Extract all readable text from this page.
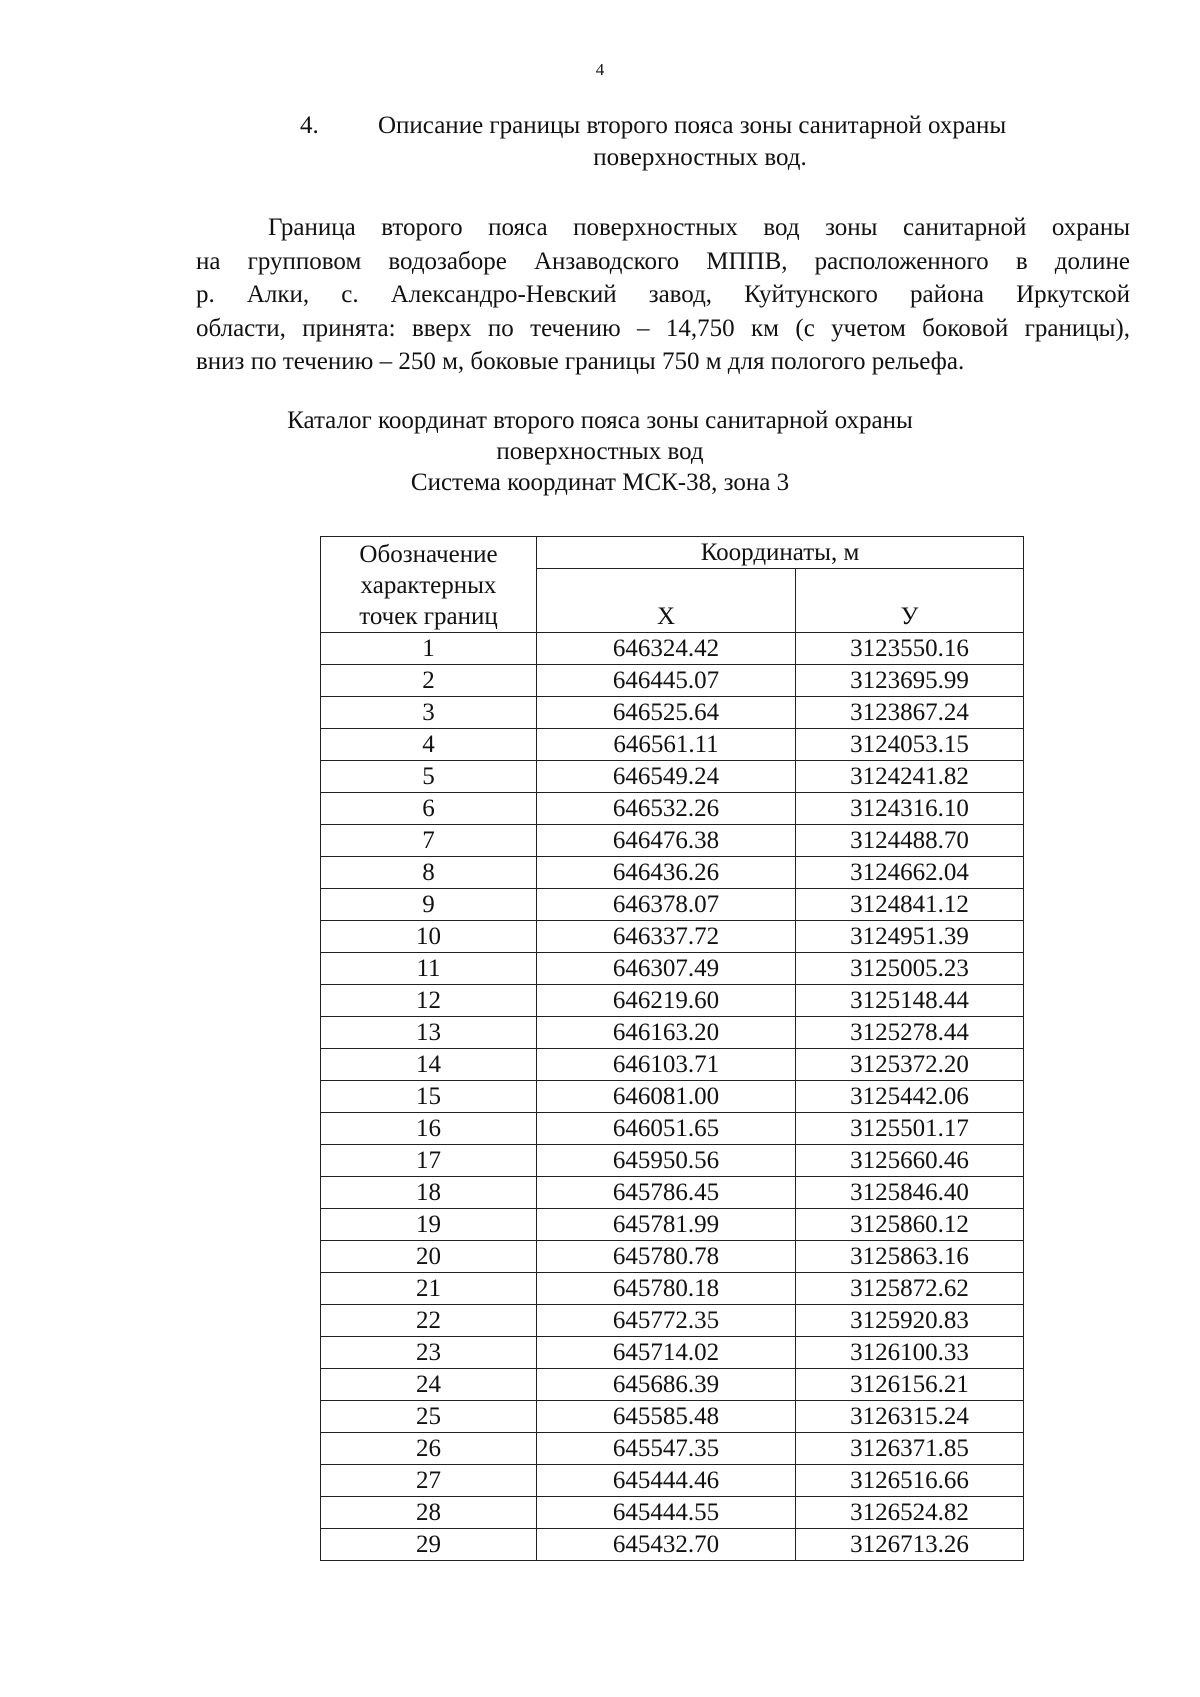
4
4. Описание границы второго пояса зоны санитарной охраны
поверхностных вод.
Граница второго пояса поверхностных вод зоны санитарной охраны
на групповом водозаборе Анзаводского МППВ, расположенного в долине
р. Алки, с. Александро-Невский завод, Куйтунского района Иркутской
области, принята: вверх по течению – 14,750 км (с учетом боковой границы),
вниз по течению – 250 м, боковые границы 750 м для пологого рельефа.
Каталог координат второго пояса зоны санитарной охраны
поверхностных вод
Система координат МСК-38, зона 3
Обозначение
характерных
точек границ	Координаты, м	
	Х	У
1	646324.42	3123550.16
2	646445.07	3123695.99
3	646525.64	3123867.24
4	646561.11	3124053.15
5	646549.24	3124241.82
6	646532.26	3124316.10
7	646476.38	3124488.70
8	646436.26	3124662.04
9	646378.07	3124841.12
10	646337.72	3124951.39
11	646307.49	3125005.23
12	646219.60	3125148.44
13	646163.20	3125278.44
14	646103.71	3125372.20
15	646081.00	3125442.06
16	646051.65	3125501.17
17	645950.56	3125660.46
18	645786.45	3125846.40
19	645781.99	3125860.12
20	645780.78	3125863.16
21	645780.18	3125872.62
22	645772.35	3125920.83
23	645714.02	3126100.33
24	645686.39	3126156.21
25	645585.48	3126315.24
26	645547.35	3126371.85
27	645444.46	3126516.66
28	645444.55	3126524.82
29	645432.70	3126713.26
